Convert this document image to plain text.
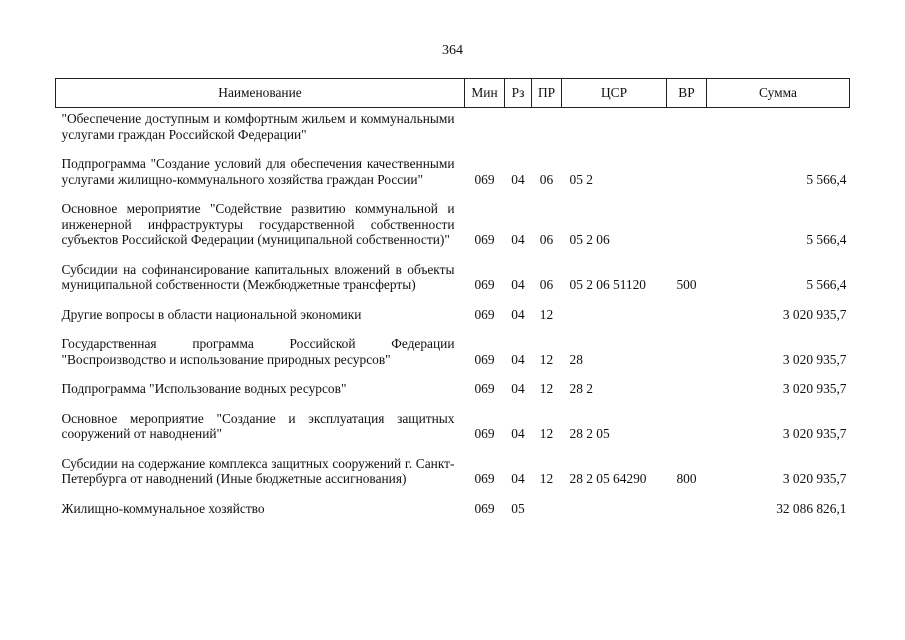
364
Наименование	Мин	Рз	ПР	ЦСР	ВР	Сумма
"Обеспечение доступным и комфортным жильем и коммунальными услугами граждан Российской Федерации"						
Подпрограмма "Создание условий для обеспечения качественными услугами жилищно-коммунального хозяйства граждан России"	069	04	06	05 2		5 566,4
Основное мероприятие "Содействие развитию коммунальной и инженерной инфраструктуры государственной собственности субъектов Российской Федерации (муниципальной собственности)"	069	04	06	05 2 06		5 566,4
Субсидии на софинансирование капитальных вложений в объекты муниципальной собственности (Межбюджетные трансферты)	069	04	06	05 2 06 51120	500	5 566,4
Другие вопросы в области национальной экономики	069	04	12			3 020 935,7
Государственная программа Российской Федерации "Воспроизводство и использование природных ресурсов"	069	04	12	28		3 020 935,7
Подпрограмма "Использование водных ресурсов"	069	04	12	28 2		3 020 935,7
Основное мероприятие "Создание и эксплуатация защитных сооружений от наводнений"	069	04	12	28 2 05		3 020 935,7
Субсидии на содержание комплекса защитных сооружений г. Санкт-Петербурга от наводнений (Иные бюджетные ассигнования)	069	04	12	28 2 05 64290	800	3 020 935,7
Жилищно-коммунальное хозяйство	069	05				32 086 826,1
